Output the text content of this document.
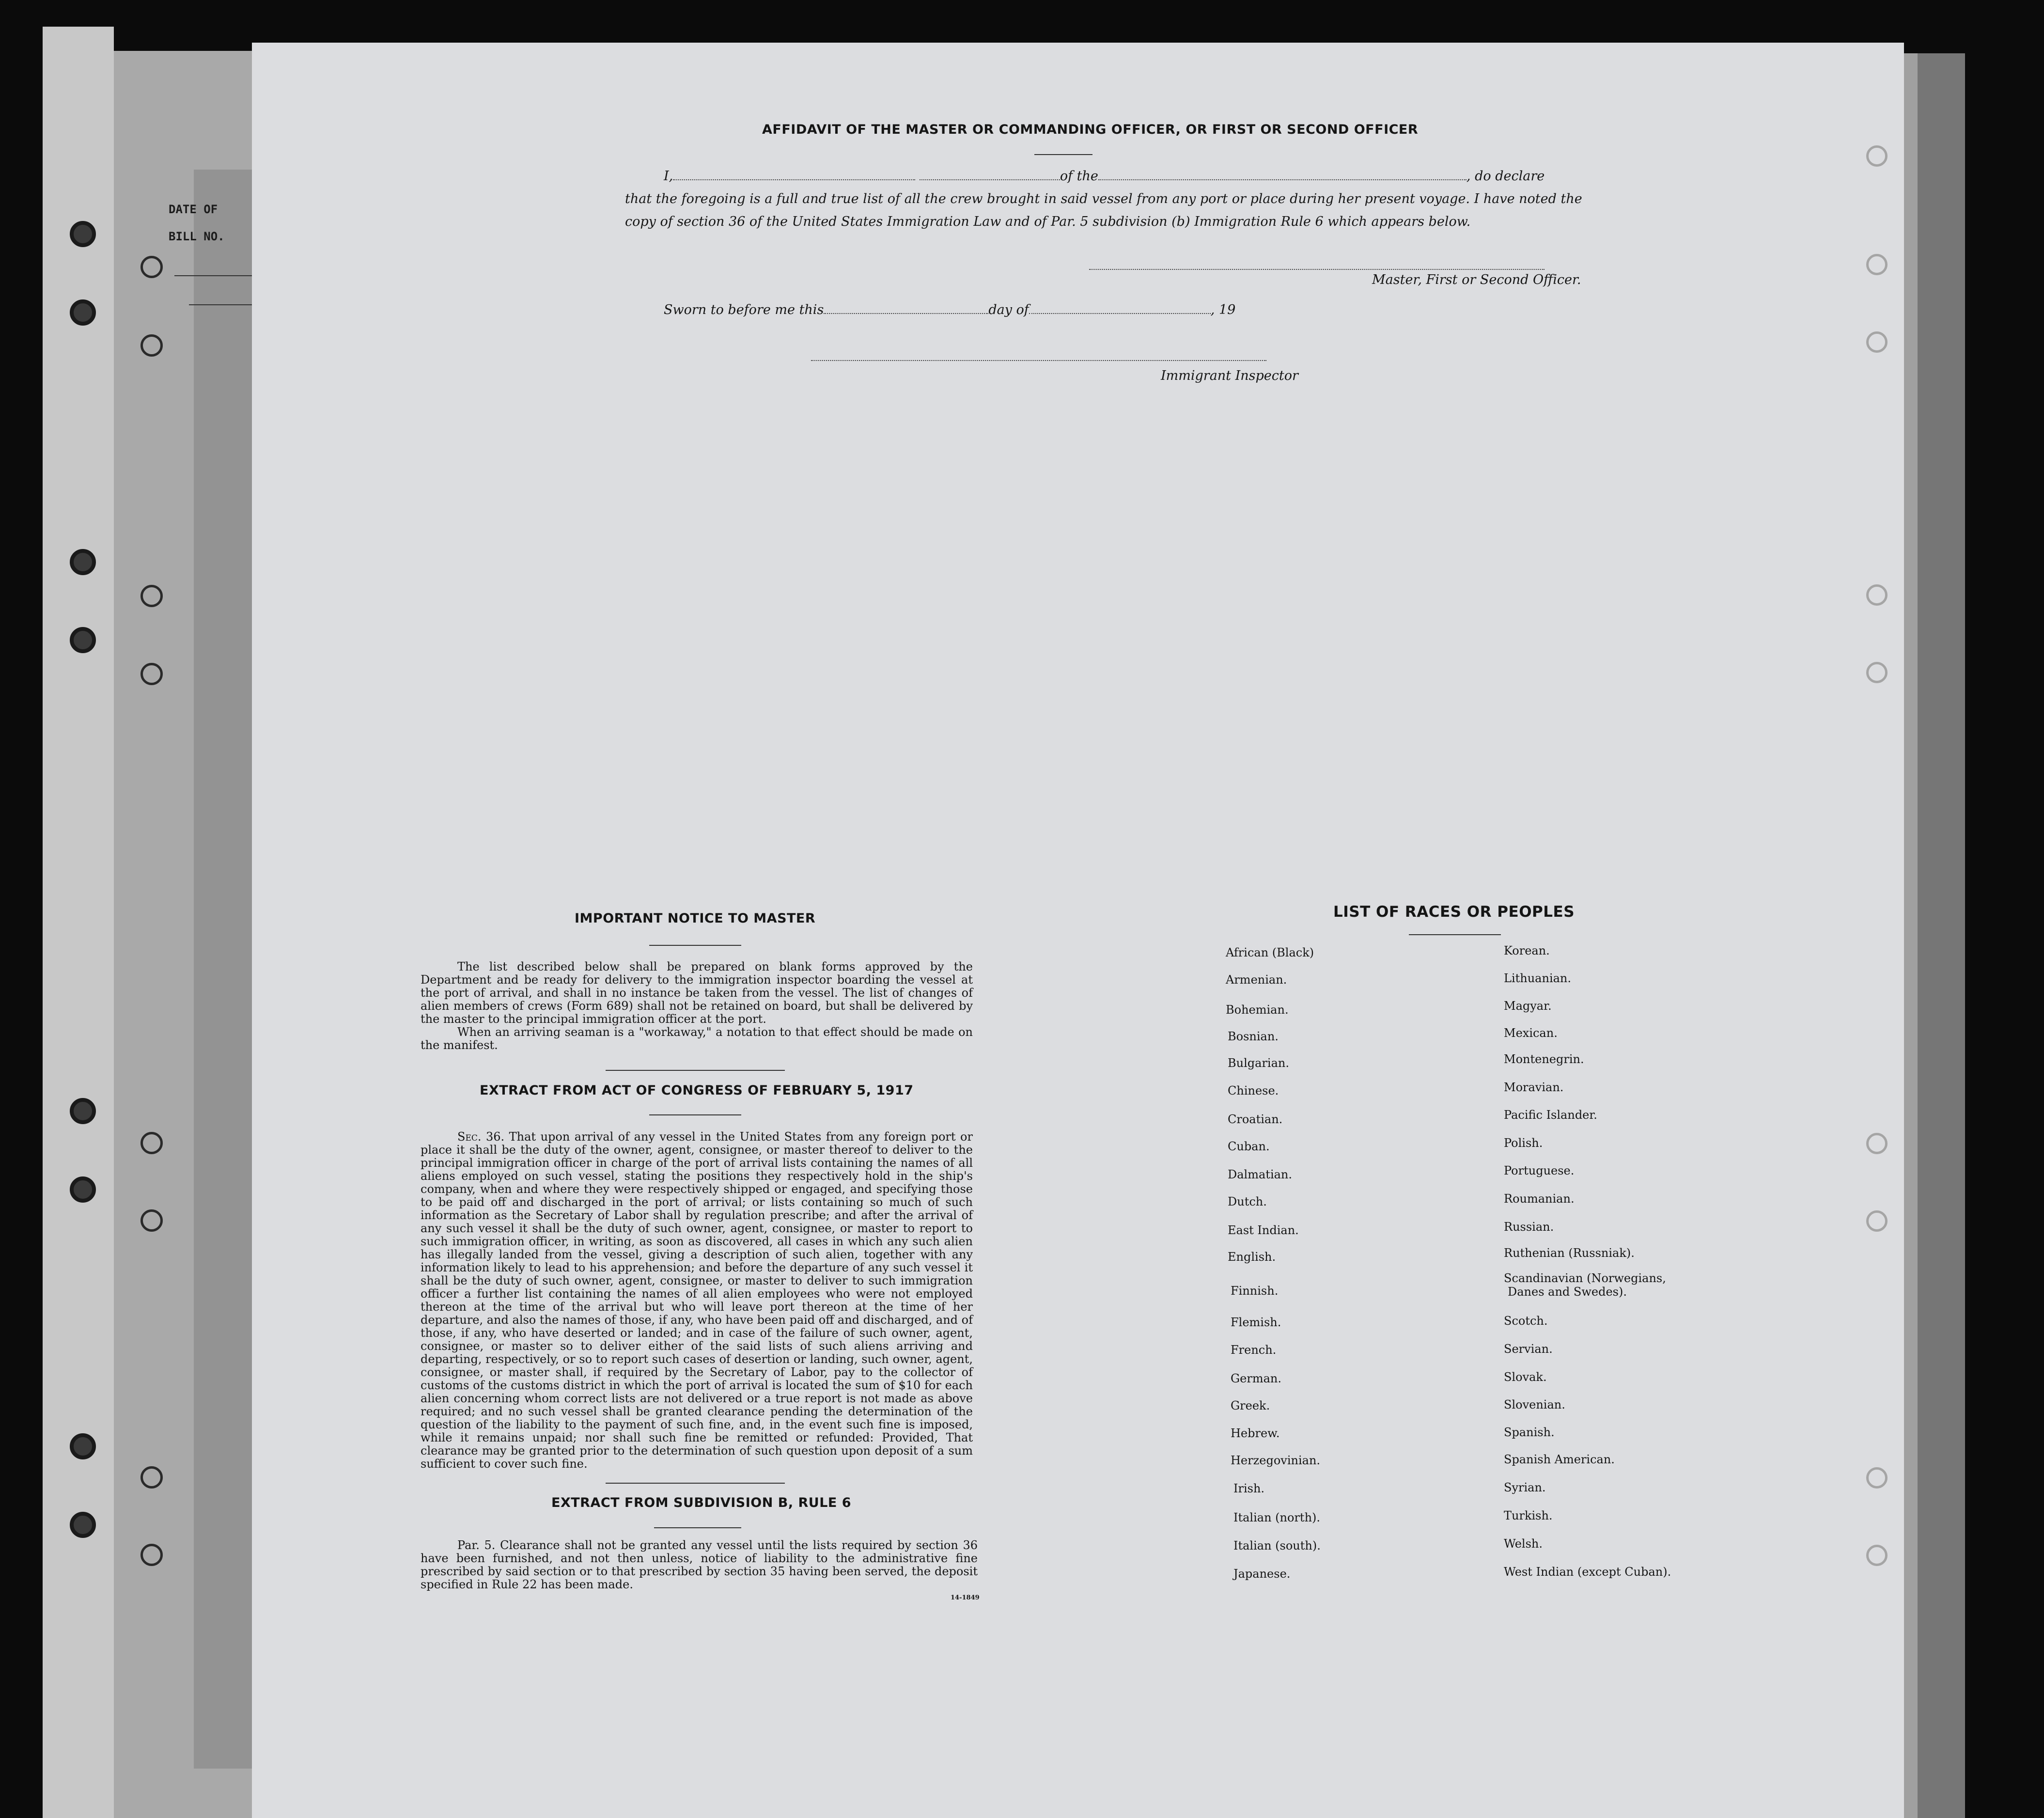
DATE OF
BILL NO.
AFFIDAVIT OF THE MASTER OR COMMANDING OFFICER, OR FIRST OR SECOND OFFICER
I,	of the	, do declare
that the foregoing is a full and true list of all the crew brought in said vessel from any port or place during her present voyage. I have noted the
copy of section 36 of the United States Immigration Law and of Par. 5 subdivision (b) Immigration Rule 6 which appears below.
Master, First or Second Officer.
Sworn to before me this	day of	, 19
Immigrant Inspector
IMPORTANT NOTICE TO MASTER
The list described below shall be prepared on blank forms approved by the Department and be ready for delivery to the immigration inspector boarding the vessel at the port of arrival, and shall in no instance be taken from the vessel. The list of changes of alien members of crews (Form 689) shall not be retained on board, but shall be delivered by the master to the principal immigration officer at the port.
When an arriving seaman is a "workaway," a notation to that effect should be made on the manifest.
EXTRACT FROM ACT OF CONGRESS OF FEBRUARY 5, 1917
Sec. 36. That upon arrival of any vessel in the United States from any foreign port or place it shall be the duty of the owner, agent, consignee, or master thereof to deliver to the principal immigration officer in charge of the port of arrival lists containing the names of all aliens employed on such vessel, stating the positions they respectively hold in the ship's company, when and where they were respectively shipped or engaged, and specifying those to be paid off and discharged in the port of arrival; or lists containing so much of such information as the Secretary of Labor shall by regulation prescribe; and after the arrival of any such vessel it shall be the duty of such owner, agent, consignee, or master to report to such immigration officer, in writing, as soon as discovered, all cases in which any such alien has illegally landed from the vessel, giving a description of such alien, together with any information likely to lead to his apprehension; and before the departure of any such vessel it shall be the duty of such owner, agent, consignee, or master to deliver to such immigration officer a further list containing the names of all alien employees who were not employed thereon at the time of the arrival but who will leave port thereon at the time of her departure, and also the names of those, if any, who have been paid off and discharged, and of those, if any, who have deserted or landed; and in case of the failure of such owner, agent, consignee, or master so to deliver either of the said lists of such aliens arriving and departing, respectively, or so to report such cases of desertion or landing, such owner, agent, consignee, or master shall, if required by the Secretary of Labor, pay to the collector of customs of the customs district in which the port of arrival is located the sum of $10 for each alien concerning whom correct lists are not delivered or a true report is not made as above required; and no such vessel shall be granted clearance pending the determination of the question of the liability to the payment of such fine, and, in the event such fine is imposed, while it remains unpaid; nor shall such fine be remitted or refunded: Provided, That clearance may be granted prior to the determination of such question upon deposit of a sum sufficient to cover such fine.
EXTRACT FROM SUBDIVISION B, RULE 6
Par. 5. Clearance shall not be granted any vessel until the lists required by section 36 have been furnished, and not then unless, notice of liability to the administrative fine prescribed by said section or to that prescribed by section 35 having been served, the deposit specified in Rule 22 has been made.
14-1849
LIST OF RACES OR PEOPLES
African (Black)
Armenian.
Bohemian.
Bosnian.
Bulgarian.
Chinese.
Croatian.
Cuban.
Dalmatian.
Dutch.
East Indian.
English.
Finnish.
Flemish.
French.
German.
Greek.
Hebrew.
Herzegovinian.
Irish.
Italian (north).
Italian (south).
Japanese.
Korean.
Lithuanian.
Magyar.
Mexican.
Montenegrin.
Moravian.
Pacific Islander.
Polish.
Portuguese.
Roumanian.
Russian.
Ruthenian (Russniak).
Scandinavian (Norwegians,
Danes and Swedes).
Scotch.
Servian.
Slovak.
Slovenian.
Spanish.
Spanish American.
Syrian.
Turkish.
Welsh.
West Indian (except Cuban).
